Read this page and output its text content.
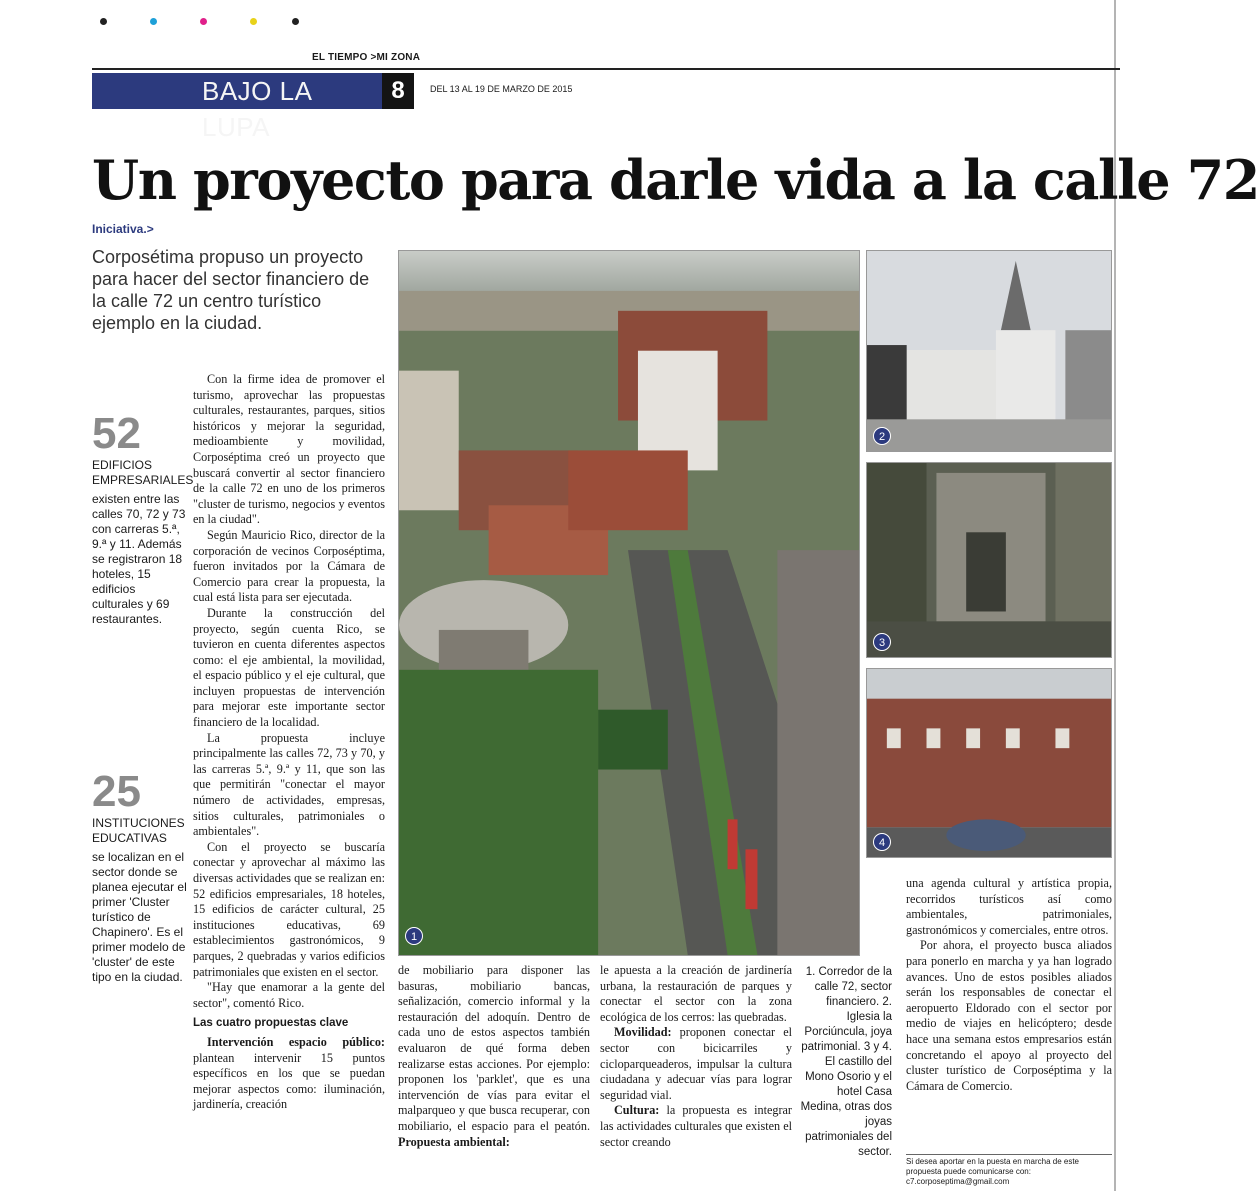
EL TIEMPO >MI ZONA
BAJO LA LUPA
8	DEL 13 AL 19 DE MARZO DE 2015
Un proyecto para darle vida a la calle 72
Iniciativa.>
Corposétima propuso un proyecto para hacer del sector financiero de la calle 72 un centro turístico ejemplo en la ciudad.
52
EDIFICIOS EMPRESARIALES
existen entre las calles 70, 72 y 73 con carreras 5.ª, 9.ª y 11. Además se registraron 18 hoteles, 15 edificios culturales y 69 restaurantes.
25
INSTITUCIONES EDUCATIVAS
se localizan en el sector donde se planea ejecutar el primer 'Cluster turístico de Chapinero'. Es el primer modelo de 'cluster' de este tipo en la ciudad.

Con la firme idea de promover el turismo, aprovechar las propuestas culturales, restaurantes, parques, sitios históricos y mejorar la seguridad, medioambiente y movilidad, Corposéptima creó un proyecto que buscará convertir al sector financiero de la calle 72 en uno de los primeros "cluster de turismo, negocios y eventos en la ciudad".

Según Mauricio Rico, director de la corporación de vecinos Corposéptima, fueron invitados por la Cámara de Comercio para crear la propuesta, la cual está lista para ser ejecutada.

Durante la construcción del proyecto, según cuenta Rico, se tuvieron en cuenta diferentes aspectos como: el eje ambiental, la movilidad, el espacio público y el eje cultural, que incluyen propuestas de intervención para mejorar este importante sector financiero de la localidad.

La propuesta incluye principalmente las calles 72, 73 y 70, y las carreras 5.ª, 9.ª y 11, que son las que permitirán "conectar el mayor número de actividades, empresas, sitios culturales, patrimoniales o ambientales".

Con el proyecto se buscaría conectar y aprovechar al máximo las diversas actividades que se realizan en: 52 edificios empresariales, 18 hoteles, 15 edificios de carácter cultural, 25 instituciones educativas, 69 establecimientos gastronómicos, 9 parques, 2 quebradas y varios edificios patrimoniales que existen en el sector.

"Hay que enamorar a la gente del sector", comentó Rico.

Las cuatro propuestas clave

Intervención espacio público: plantean intervenir 15 puntos específicos en los que se puedan mejorar aspectos como: iluminación, jardinería, creación

1
2
3
4

de mobiliario para disponer las basuras, mobiliario bancas, señalización, comercio informal y la restauración del adoquín. Dentro de cada uno de estos aspectos también evaluaron de qué forma deben realizarse estas acciones. Por ejemplo: proponen los 'parklet', que es una intervención de vías para evitar el malparqueo y que busca recuperar, con mobiliario, el espacio para el peatón. Propuesta ambiental:

le apuesta a la creación de jardinería urbana, la restauración de parques y conectar el sector con la zona ecológica de los cerros: las quebradas.

Movilidad: proponen conectar el sector con bicicarriles y cicloparqueaderos, impulsar la cultura ciudadana y adecuar vías para lograr seguridad vial.

Cultura: la propuesta es integrar las actividades culturales que existen el sector creando

1. Corredor de la calle 72, sector financiero. 2. Iglesia la Porciúncula, joya patrimonial. 3 y 4. El castillo del Mono Osorio y el hotel Casa Medina, otras dos joyas patrimoniales del sector.

una agenda cultural y artística propia, recorridos turísticos así como ambientales, patrimoniales, gastronómicos y comerciales, entre otros.

Por ahora, el proyecto busca aliados para ponerlo en marcha y ya han logrado avances. Uno de estos posibles aliados serán los responsables de conectar el aeropuerto Eldorado con el sector por medio de viajes en helicóptero; desde hace una semana estos empresarios están concretando el apoyo al proyecto del cluster turístico de Corposéptima y la Cámara de Comercio.

Si desea aportar en la puesta en marcha de este propuesta puede comunicarse con: c7.corposeptima@gmail.com
